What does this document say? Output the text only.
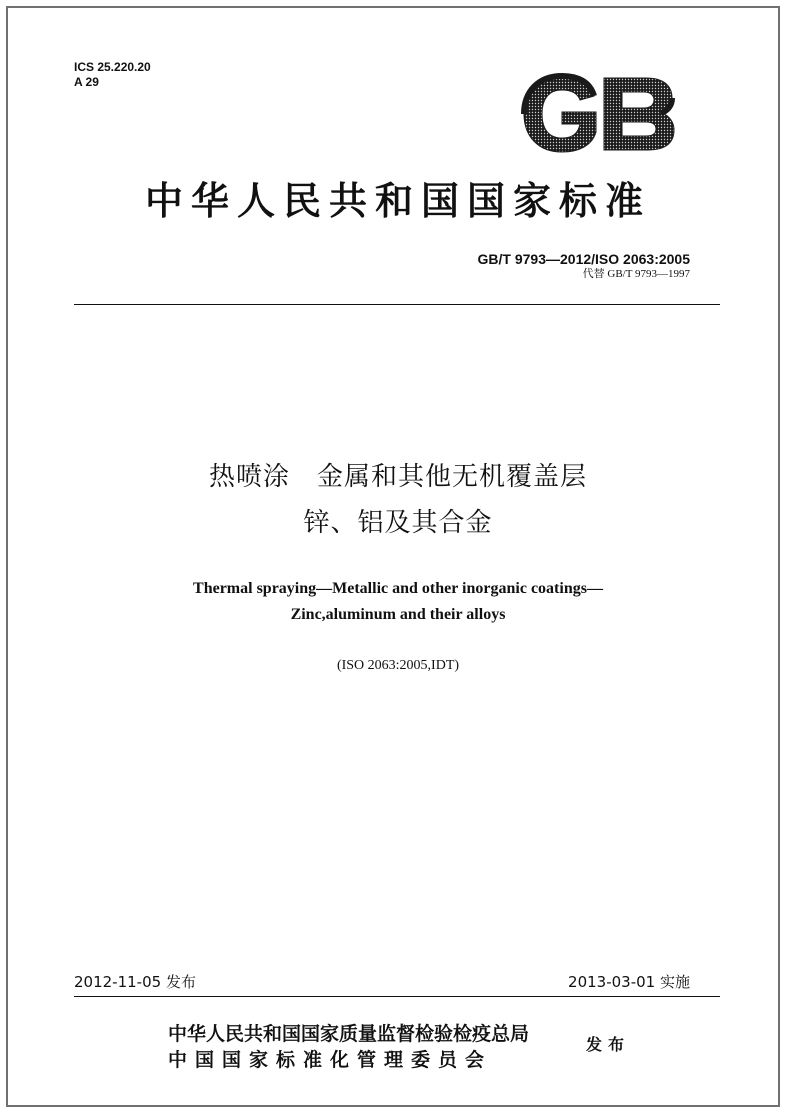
ICS 25.220.20
A 29
中华人民共和国国家标准
GB/T 9793—2012/ISO 2063:2005
代替 GB/T 9793—1997
热喷涂　金属和其他无机覆盖层
锌、铝及其合金
Thermal spraying—Metallic and other inorganic coatings—
Zinc,aluminum and their alloys
(ISO 2063:2005,IDT)
2012-11-05 发布	2013-03-01 实施
中华人民共和国国家质量监督检验检疫总局
中国国家标准化管理委员会
发布
